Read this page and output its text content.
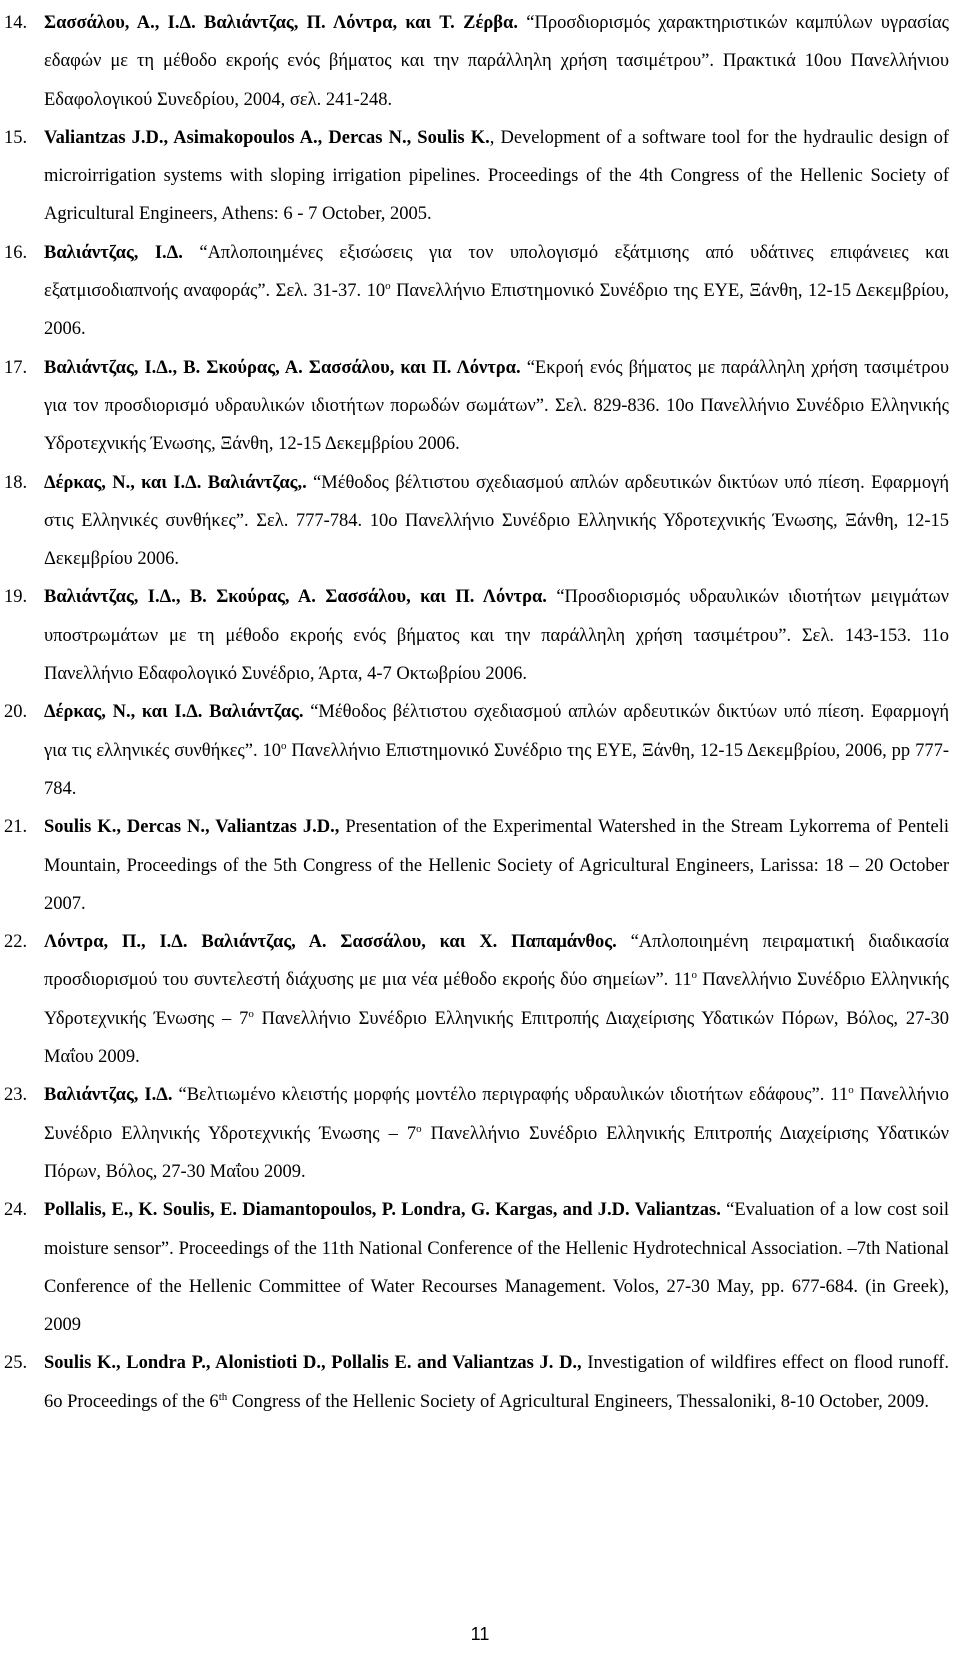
14. Σασσάλου, Α., Ι.Δ. Βαλιάντζας, Π. Λόντρα, και Τ. Ζέρβα. “Προσδιορισμός χαρακτηριστικών καμπύλων υγρασίας εδαφών με τη μέθοδο εκροής ενός βήματος και την παράλληλη χρήση τασιμέτρου”. Πρακτικά 10ου Πανελλήνιου Εδαφολογικού Συνεδρίου, 2004, σελ. 241-248.
15. Valiantzas J.D., Asimakopoulos A., Dercas N., Soulis K., Development of a software tool for the hydraulic design of microirrigation systems with sloping irrigation pipelines. Proceedings of the 4th Congress of the Hellenic Society of Agricultural Engineers, Athens: 6 - 7 October, 2005.
16. Βαλιάντζας, Ι.Δ. “Απλοποιημένες εξισώσεις για τον υπολογισμό εξάτμισης από υδάτινες επιφάνειες και εξατμισοδιαπνοής αναφοράς”. Σελ. 31-37. $10^o$ Πανελλήνιο Επιστημονικό Συνέδριο της ΕΥΕ, Ξάνθη, 12-15 Δεκεμβρίου, 2006.
17. Βαλιάντζας, Ι.Δ., Β. Σκούρας, Α. Σασσάλου, και Π. Λόντρα. “Εκροή ενός βήματος με παράλληλη χρήση τασιμέτρου για τον προσδιορισμό υδραυλικών ιδιοτήτων πορωδών σωμάτων”. Σελ. 829-836. 10ο Πανελλήνιο Συνέδριο Ελληνικής Υδροτεχνικής Ένωσης, Ξάνθη, 12-15 Δεκεμβρίου 2006.
18. Δέρκας, Ν., και Ι.Δ. Βαλιάντζας,. “Μέθοδος βέλτιστου σχεδιασμού απλών αρδευτικών δικτύων υπό πίεση. Εφαρμογή στις Ελληνικές συνθήκες”. Σελ. 777-784. 10ο Πανελλήνιο Συνέδριο Ελληνικής Υδροτεχνικής Ένωσης, Ξάνθη, 12-15 Δεκεμβρίου 2006.
19. Βαλιάντζας, Ι.Δ., Β. Σκούρας, Α. Σασσάλου, και Π. Λόντρα. “Προσδιορισμός υδραυλικών ιδιοτήτων μειγμάτων υποστρωμάτων με τη μέθοδο εκροής ενός βήματος και την παράλληλη χρήση τασιμέτρου”. Σελ. 143-153. 11ο Πανελλήνιο Εδαφολογικό Συνέδριο, Άρτα, 4-7 Οκτωβρίου 2006.
20. Δέρκας, Ν., και Ι.Δ. Βαλιάντζας. “Μέθοδος βέλτιστου σχεδιασμού απλών αρδευτικών δικτύων υπό πίεση. Εφαρμογή για τις ελληνικές συνθήκες”. $10^o$ Πανελλήνιο Επιστημονικό Συνέδριο της ΕΥΕ, Ξάνθη, 12-15 Δεκεμβρίου, 2006, pp 777-784.
21. Soulis K., Dercas N., Valiantzas J.D., Presentation of the Experimental Watershed in the Stream Lykorrema of Penteli Mountain, Proceedings of the 5th Congress of the Hellenic Society of Agricultural Engineers, Larissa: 18 – 20 October 2007.
22. Λόντρα, Π., Ι.Δ. Βαλιάντζας, Α. Σασσάλου, και Χ. Παπαμάνθος. “Απλοποιημένη πειραματική διαδικασία προσδιορισμού του συντελεστή διάχυσης με μια νέα μέθοδο εκροής δύο σημείων”. $11^o$ Πανελλήνιο Συνέδριο Ελληνικής Υδροτεχνικής Ένωσης – $7^o$ Πανελλήνιο Συνέδριο Ελληνικής Επιτροπής Διαχείρισης Υδατικών Πόρων, Βόλος, 27-30 Μαΐου 2009.
23. Βαλιάντζας, Ι.Δ. “Βελτιωμένο κλειστής μορφής μοντέλο περιγραφής υδραυλικών ιδιοτήτων εδάφους”. $11^o$ Πανελλήνιο Συνέδριο Ελληνικής Υδροτεχνικής Ένωσης – $7^o$ Πανελλήνιο Συνέδριο Ελληνικής Επιτροπής Διαχείρισης Υδατικών Πόρων, Βόλος, 27-30 Μαΐου 2009.
24. Pollalis, E., K. Soulis, E. Diamantopoulos, P. Londra, G. Kargas, and J.D. Valiantzas. “Evaluation of a low cost soil moisture sensor”. Proceedings of the 11th National Conference of the Hellenic Hydrotechnical Association. –7th National Conference of the Hellenic Committee of Water Recourses Management. Volos, 27-30 May, pp. 677-684. (in Greek), 2009
25. Soulis K., Londra P., Alonistioti D., Pollalis E. and Valiantzas J. D., Investigation of wildfires effect on flood runoff. 6o Proceedings of the 6th Congress of the Hellenic Society of Agricultural Engineers, Thessaloniki, 8-10 October, 2009.
11
